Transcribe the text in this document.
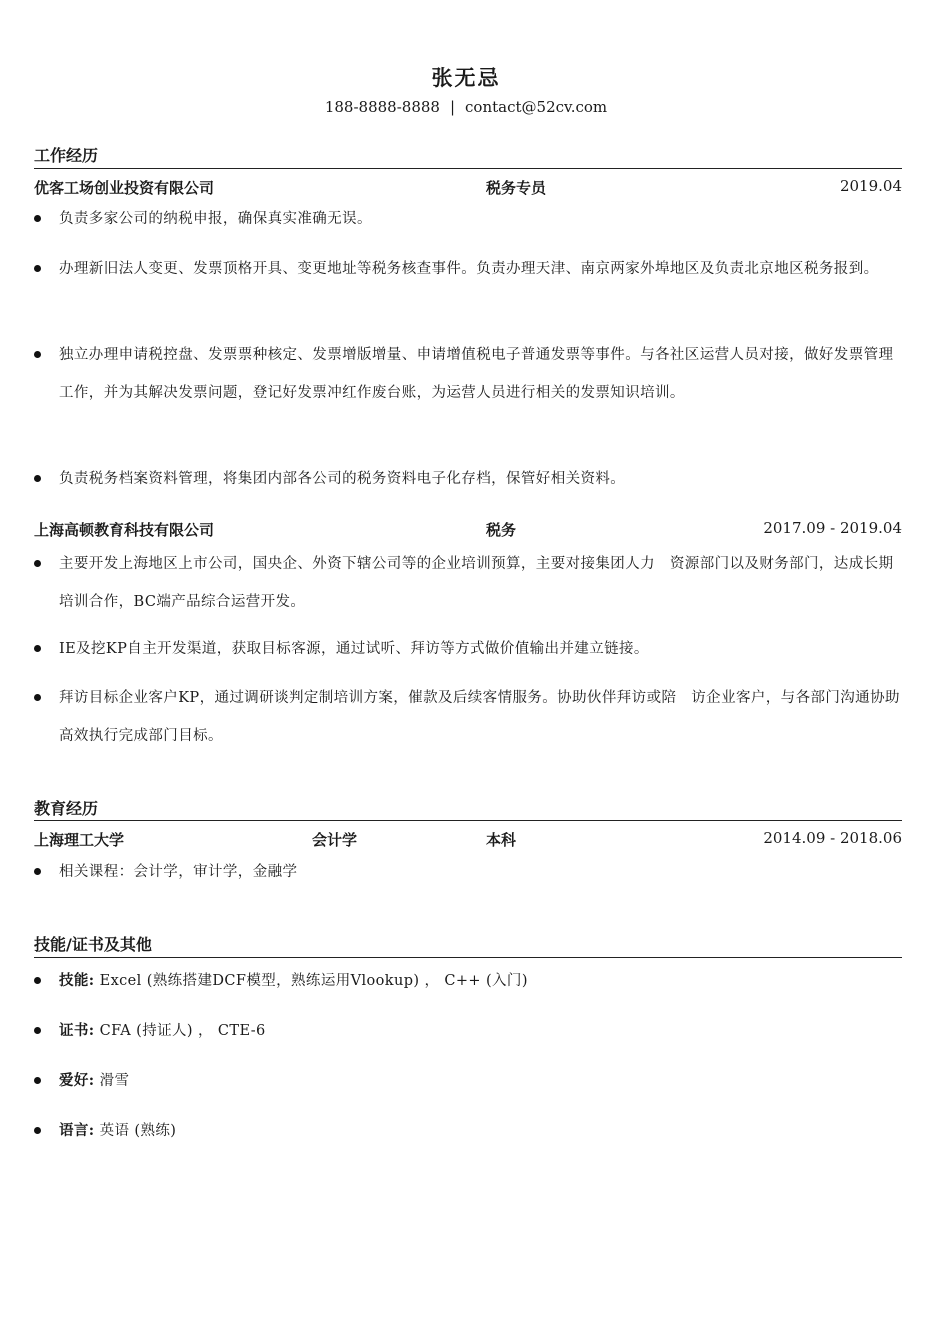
张无忌
188-8888-8888 | contact@52cv.com
工作经历
优客工场创业投资有限公司	税务专员	2019.04
负责多家公司的纳税申报，确保真实准确无误。
办理新旧法人变更、发票顶格开具、变更地址等税务核查事件。负责办理天津、南京两家外埠地区及负责北京地区税务报到。
独立办理申请税控盘、发票票种核定、发票增版增量、申请增值税电子普通发票等事件。与各社区运营人员对接，做好发票管理工作，并为其解决发票问题，登记好发票冲红作废台账，为运营人员进行相关的发票知识培训。
负责税务档案资料管理，将集团内部各公司的税务资料电子化存档，保管好相关资料。
上海高顿教育科技有限公司	税务	2017.09 - 2019.04
主要开发上海地区上市公司，国央企、外资下辖公司等的企业培训预算，主要对接集团人力　资源部门以及财务部门，达成长期培训合作，BC端产品综合运营开发。
IE及挖KP自主开发渠道，获取目标客源，通过试听、拜访等方式做价值输出并建立链接。
拜访目标企业客户KP，通过调研谈判定制培训方案，催款及后续客情服务。协助伙伴拜访或陪　访企业客户，与各部门沟通协助高效执行完成部门目标。
教育经历
上海理工大学	会计学	本科	2014.09 - 2018.06
相关课程：会计学，审计学，金融学
技能/证书及其他
技能: Excel (熟练搭建DCF模型，熟练运用Vlookup) ， C++ (入门)
证书: CFA (持证人) ， CTE-6
爱好: 滑雪
语言: 英语 (熟练)
